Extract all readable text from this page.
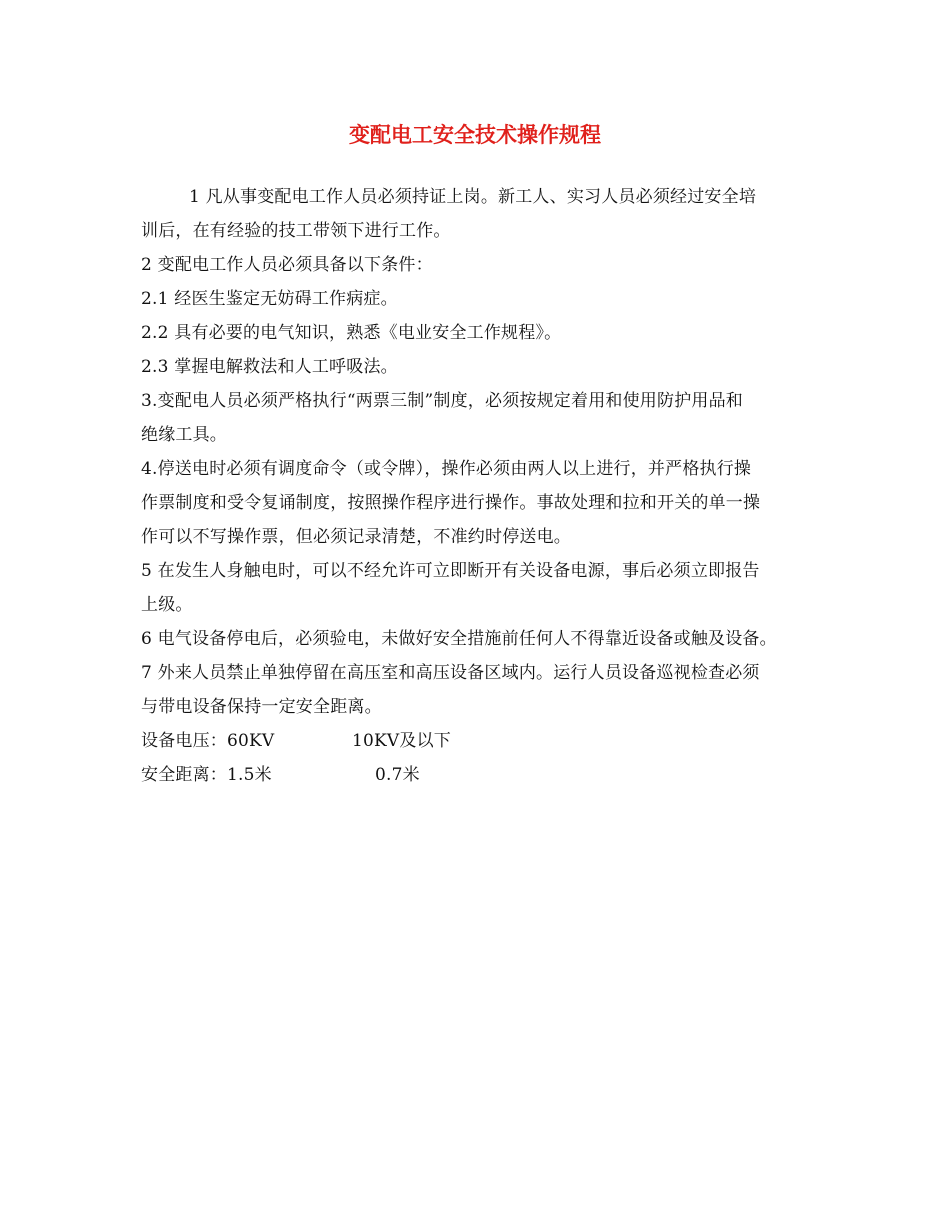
变配电工安全技术操作规程
1 凡从事变配电工作人员必须持证上岗。新工人、实习人员必须经过安全培
训后，在有经验的技工带领下进行工作。
2 变配电工作人员必须具备以下条件：
2.1 经医生鉴定无妨碍工作病症。
2.2 具有必要的电气知识，熟悉《电业安全工作规程》。
2.3 掌握电解救法和人工呼吸法。
3.变配电人员必须严格执行“两票三制”制度，必须按规定着用和使用防护用品和
绝缘工具。
4.停送电时必须有调度命令（或令牌），操作必须由两人以上进行，并严格执行操
作票制度和受令复诵制度，按照操作程序进行操作。事故处理和拉和开关的单一操
作可以不写操作票，但必须记录清楚，不准约时停送电。
5 在发生人身触电时，可以不经允许可立即断开有关设备电源，事后必须立即报告
上级。
6 电气设备停电后，必须验电，未做好安全措施前任何人不得靠近设备或触及设备。
7 外来人员禁止单独停留在高压室和高压设备区域内。运行人员设备巡视检查必须
与带电设备保持一定安全距离。
设备电压：60KV	10KV及以下
安全距离：1.5米	0.7米
